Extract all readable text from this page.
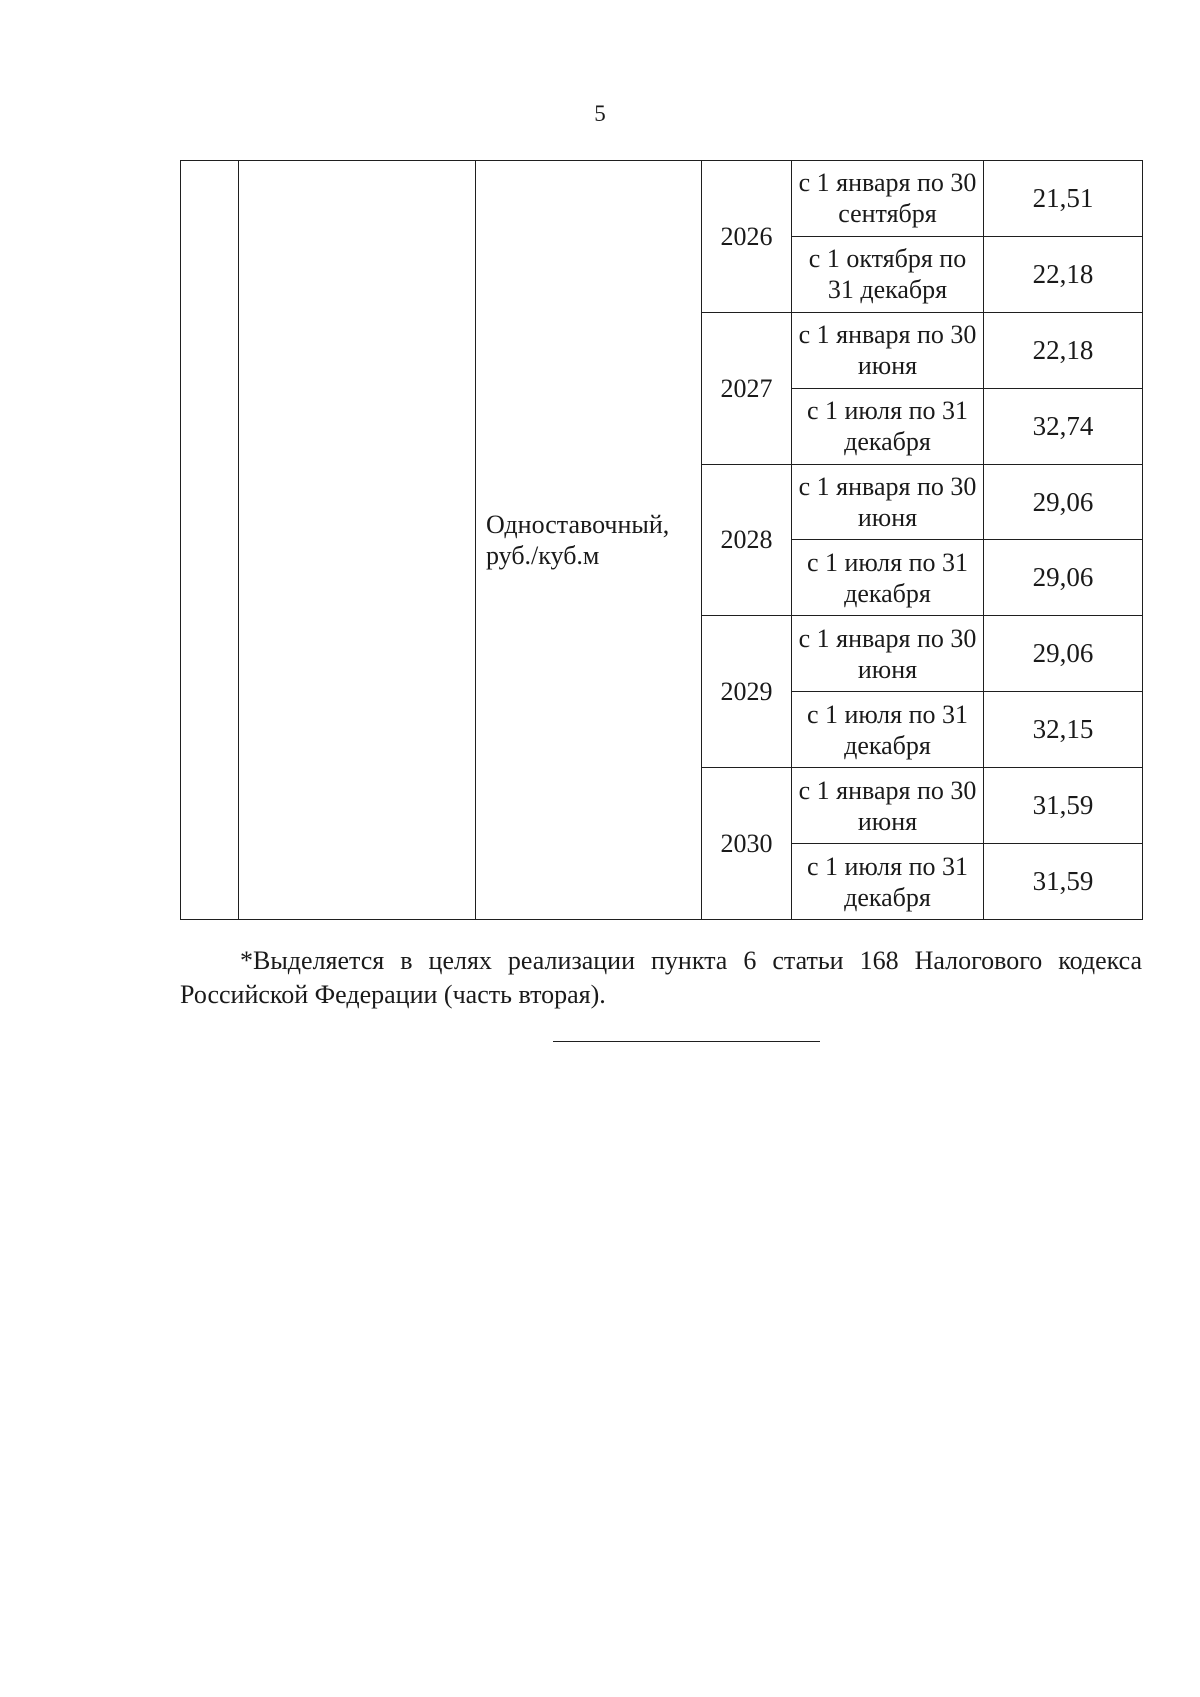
5
		Одноставочный, руб./куб.м	2026	с 1 января по 30 сентября	21,51
				с 1 октября по 31 декабря	22,18
			2027	с 1 января по 30 июня	22,18
				с 1 июля по 31 декабря	32,74
			2028	с 1 января по 30 июня	29,06
				с 1 июля по 31 декабря	29,06
			2029	с 1 января по 30 июня	29,06
				с 1 июля по 31 декабря	32,15
			2030	с 1 января по 30 июня	31,59
				с 1 июля по 31 декабря	31,59
*Выделяется в целях реализации пункта 6 статьи 168 Налогового кодекса Российской Федерации (часть вторая).
